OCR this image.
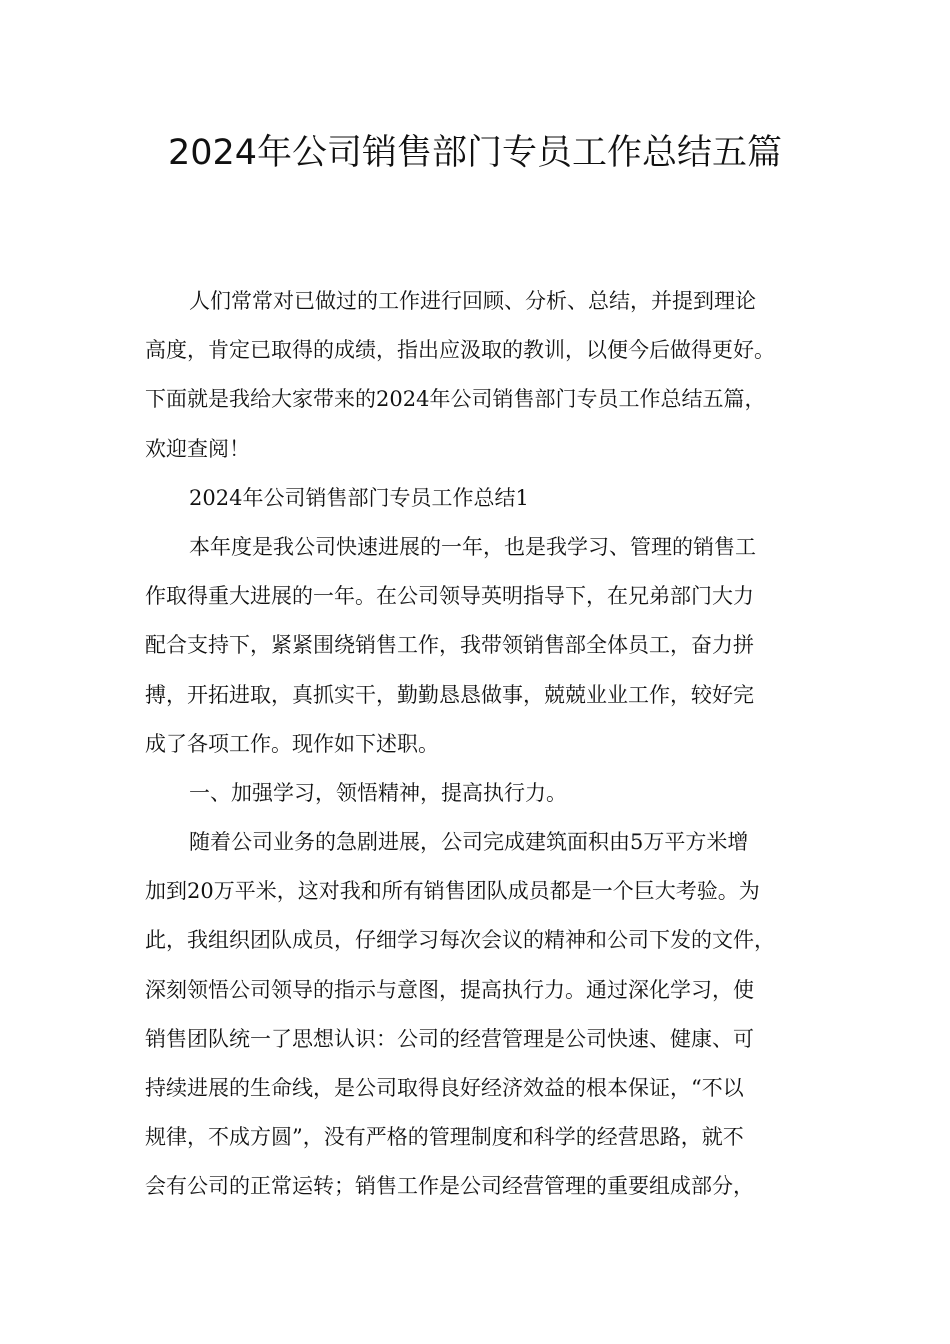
2024年公司销售部门专员工作总结五篇
人们常常对已做过的工作进行回顾、分析、总结，并提到理论
高度，肯定已取得的成绩，指出应汲取的教训，以便今后做得更好。
下面就是我给大家带来的2024年公司销售部门专员工作总结五篇，
欢迎查阅！
2024年公司销售部门专员工作总结1
本年度是我公司快速进展的一年，也是我学习、管理的销售工
作取得重大进展的一年。在公司领导英明指导下，在兄弟部门大力
配合支持下，紧紧围绕销售工作，我带领销售部全体员工，奋力拼
搏，开拓进取，真抓实干，勤勤恳恳做事，兢兢业业工作，较好完
成了各项工作。现作如下述职。
一、加强学习，领悟精神，提高执行力。
随着公司业务的急剧进展，公司完成建筑面积由5万平方米增
加到20万平米，这对我和所有销售团队成员都是一个巨大考验。为
此，我组织团队成员，仔细学习每次会议的精神和公司下发的文件，
深刻领悟公司领导的指示与意图，提高执行力。通过深化学习，使
销售团队统一了思想认识：公司的经营管理是公司快速、健康、可
持续进展的生命线，是公司取得良好经济效益的根本保证，“不以
规律，不成方圆”，没有严格的管理制度和科学的经营思路，就不
会有公司的正常运转；销售工作是公司经营管理的重要组成部分，
